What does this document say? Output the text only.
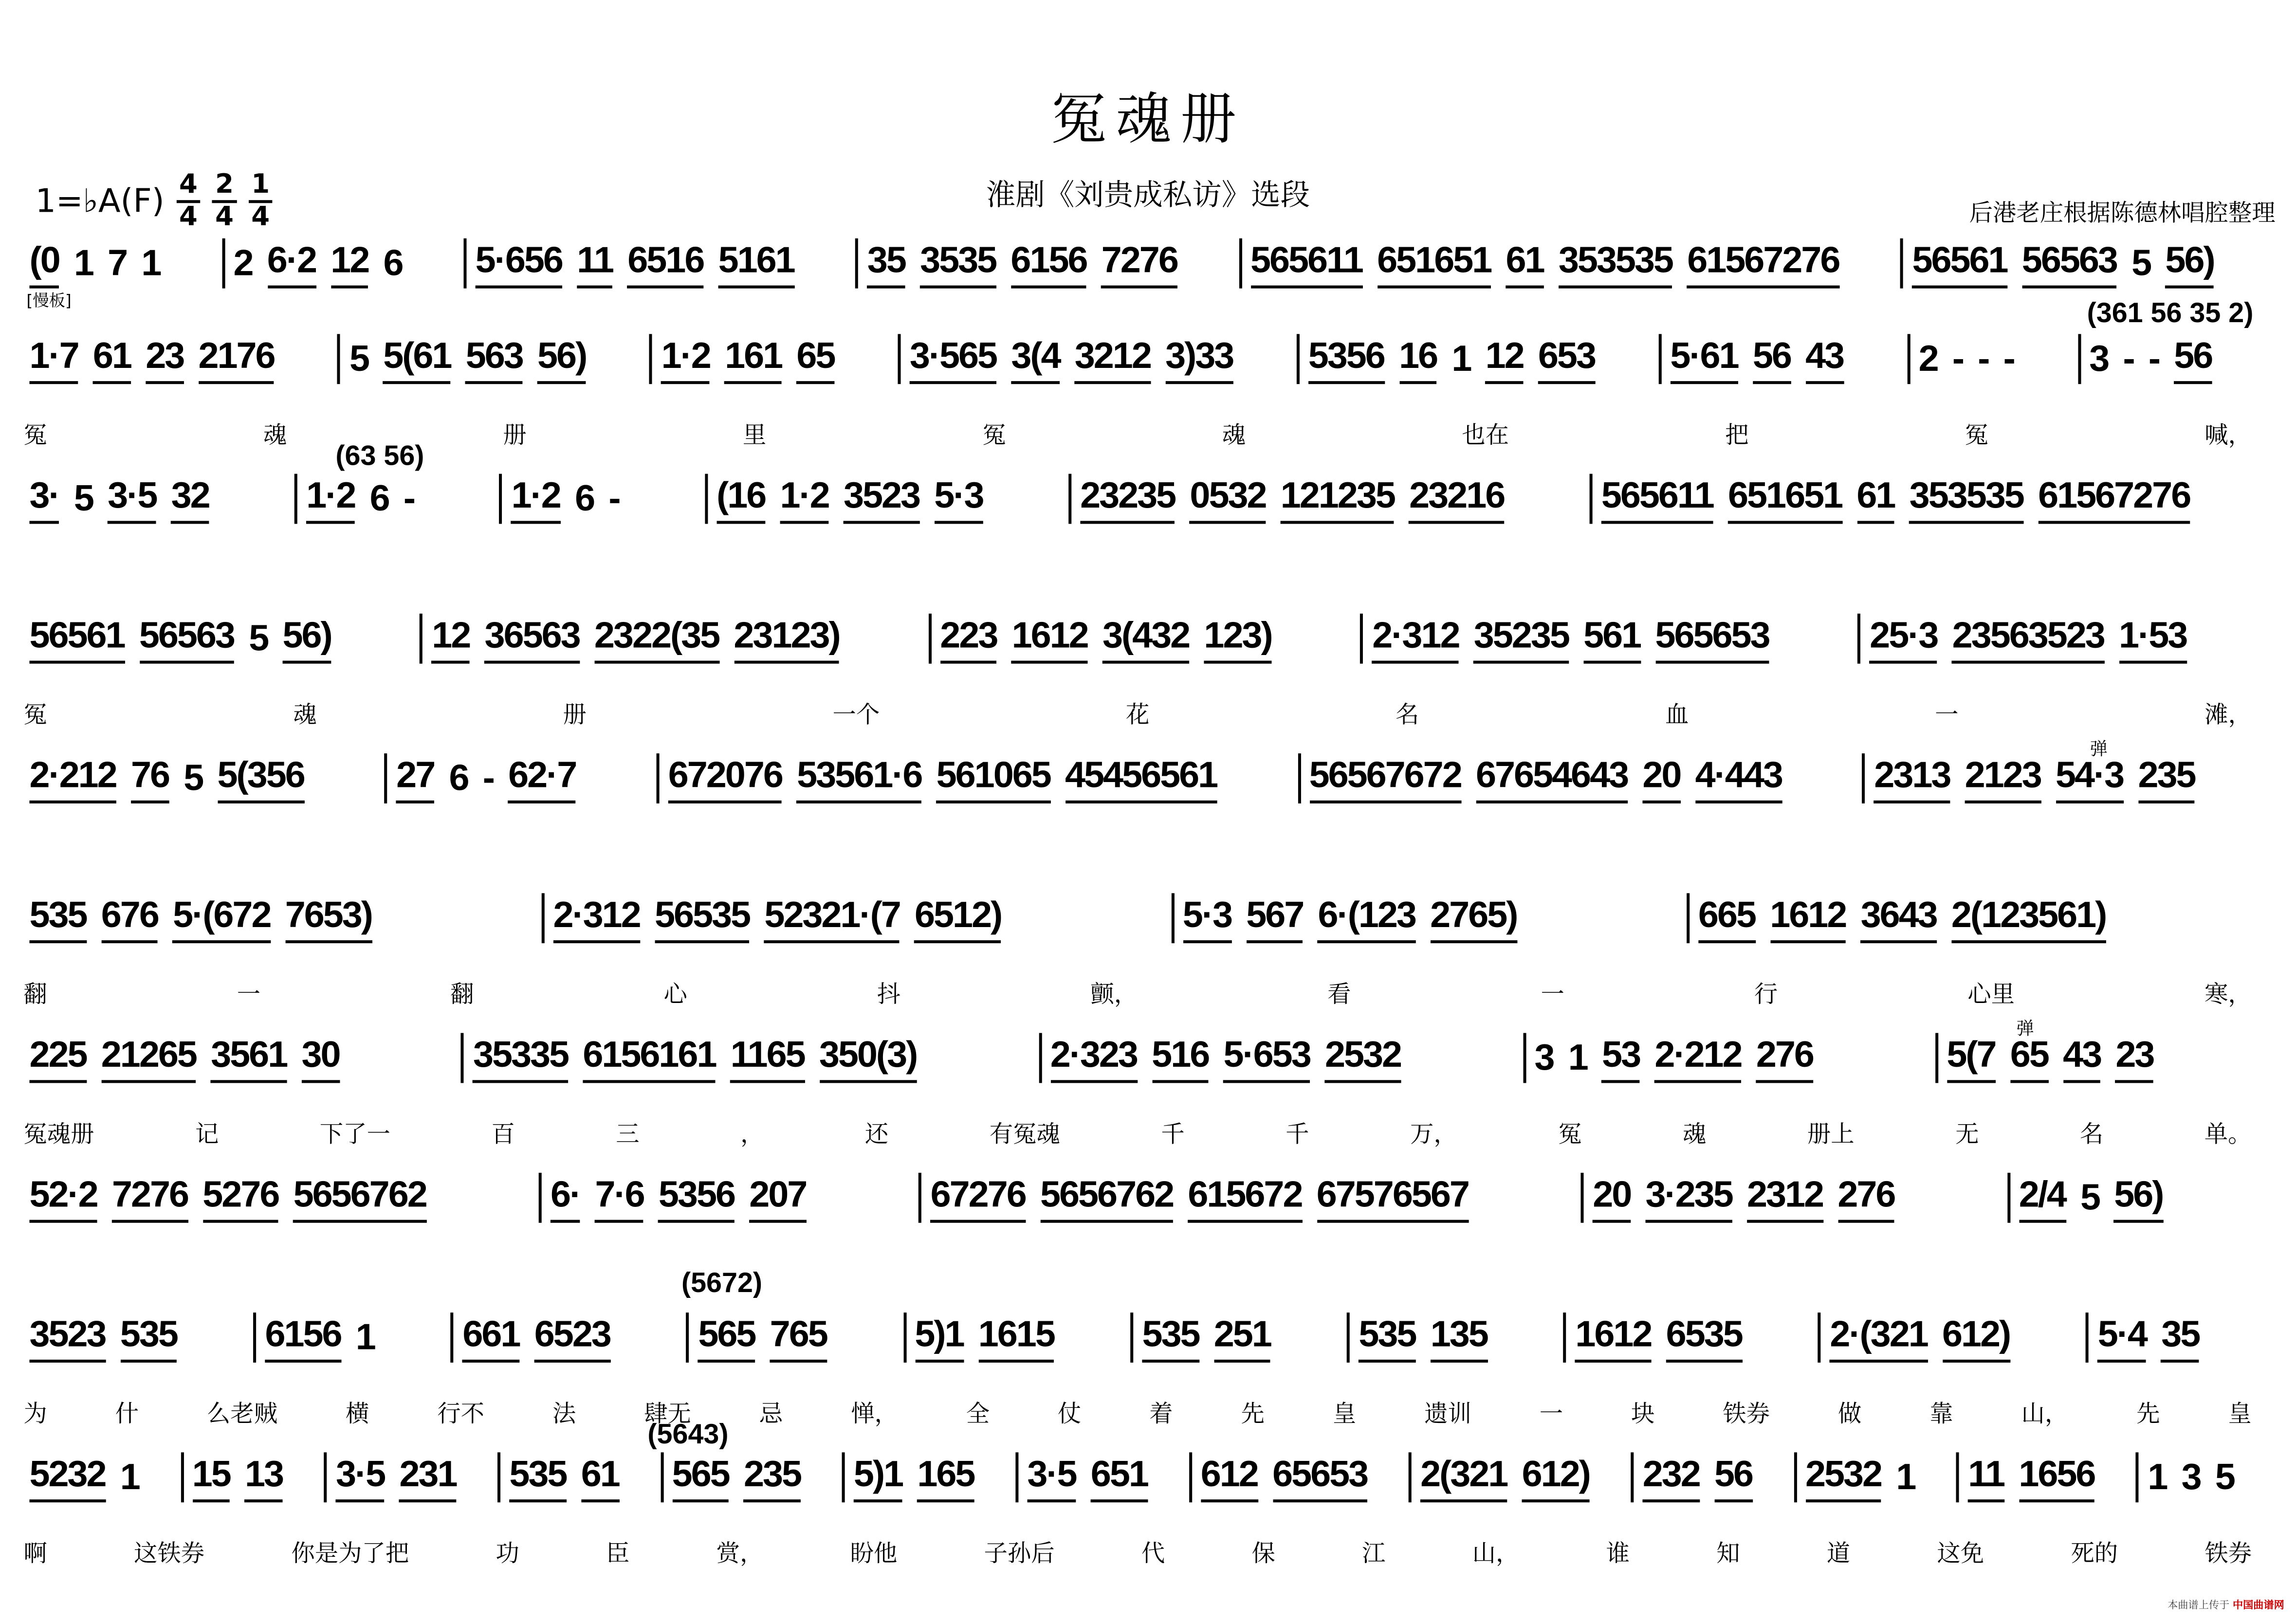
冤魂册
1=♭A(F) $\frac{4}{4} \frac{2}{4} \frac{1}{4}$	淮剧《刘贵成私访》选段
后港老庄根据陈德林唱腔整理
[慢板]	(361 56 35 2)
(63 56)
弹
弹
(5672)
(5643)
本曲谱上传于 中国曲谱网
(0 1 7 1	2 6·2 12 6	5·656 11 6516 5161	35 3535 6156 7276	565611 651651 61 353535 61567276	56561 56563 5 56)
1·7 61 23 2176	5 5(61 563 56)	1·2 161 65	3·565 3(4 3212 3)33	5356 16 1 12 653	5·61 56 43	2 - - -	3 - - 56
冤	魂	册	里	冤	魂	也在	把	冤	喊，
3· 5 3·5 32	1·2 6 -	1·2 6 -	(16 1·2 3523 5·3	23235 0532 121235 23216	565611 651651 61 353535 61567276
56561 56563 5 56)	12 36563 2322(35 23123)	223 1612 3(432 123)	2·312 35235 561 565653	25·3 23563523 1·53
冤	魂	册	一个	花	名	血	一	滩，
2·212 76 5 5(356	27 6 - 62·7	672076 53561·6 561065 45456561	56567672 67654643 20 4·443	2313 2123 54·3 235
535 676 5·(672 7653)	2·312 56535 52321·(7 6512)	5·3 567 6·(123 2765)	665 1612 3643 2(123561)
翻	一	翻	心	抖	颤，	看	一	行	心里	寒，
225 21265 3561 30	35335 6156161 1165 350(3)	2·323 516 5·653 2532	3 1 53 2·212 276	5(7 65 43 23
冤魂册	记	下了一	百	三	，	还	有冤魂	千	千	万，	冤	魂	册上	无	名	单。
52·2 7276 5276 5656762	6· 7·6 5356 207	67276 5656762 615672 67576567	20 3·235 2312 276	2/4 5 56)
3523 535	6156 1	661 6523	565 765	5)1 1615	535 251	535 135	1612 6535	2·(321 612)	5·4 35
为	什	么老贼	横	行不	法	肆无	忌	惮，	全	仗	着	先	皇	遗训	一	块	铁券	做	靠	山，	先	皇
5232 1	15 13	3·5 231	535 61	565 235	5)1 165	3·5 651	612 65653	2(321 612)	232 56	2532 1	11 1656	1 3 5
啊	这铁券	你是为了把	功	臣	赏，	盼他	子孙后	代	保	江	山，	谁	知	道	这免	死的	铁券
